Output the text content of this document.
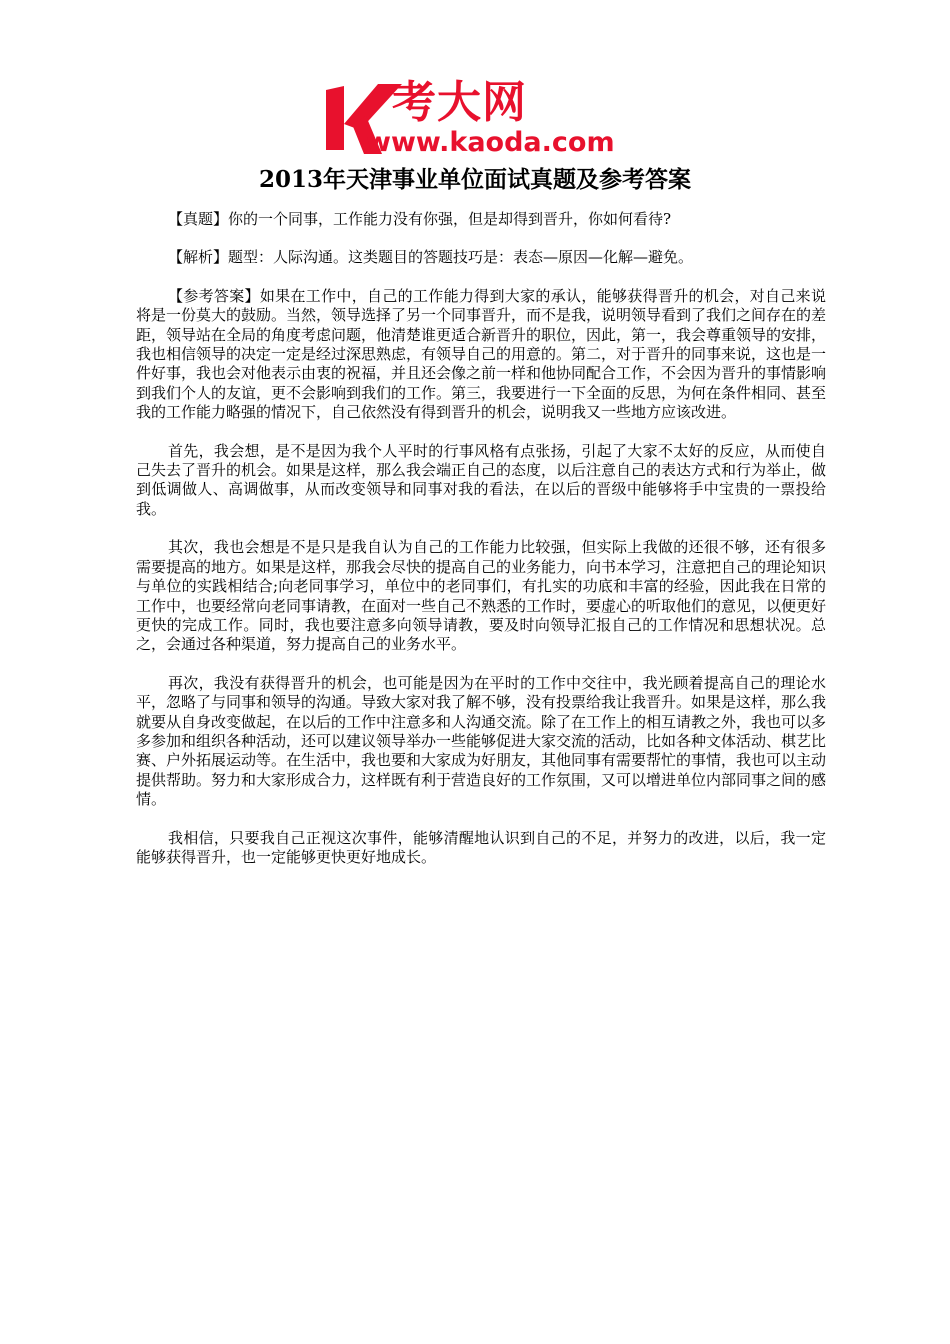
考大网
www.kaoda.com
2013年天津事业单位面试真题及参考答案

【真题】你的一个同事，工作能力没有你强，但是却得到晋升，你如何看待?

【解析】题型：人际沟通。这类题目的答题技巧是：表态—原因—化解—避免。

【参考答案】如果在工作中，自己的工作能力得到大家的承认，能够获得晋升的机会，对自己来说将是一份莫大的鼓励。当然，领导选择了另一个同事晋升，而不是我，说明领导看到了我们之间存在的差距，领导站在全局的角度考虑问题，他清楚谁更适合新晋升的职位，因此，第一，我会尊重领导的安排，我也相信领导的决定一定是经过深思熟虑，有领导自己的用意的。第二，对于晋升的同事来说，这也是一件好事，我也会对他表示由衷的祝福，并且还会像之前一样和他协同配合工作，不会因为晋升的事情影响到我们个人的友谊，更不会影响到我们的工作。第三，我要进行一下全面的反思，为何在条件相同、甚至我的工作能力略强的情况下，自己依然没有得到晋升的机会，说明我又一些地方应该改进。

首先，我会想，是不是因为我个人平时的行事风格有点张扬，引起了大家不太好的反应，从而使自己失去了晋升的机会。如果是这样，那么我会端正自己的态度，以后注意自己的表达方式和行为举止，做到低调做人、高调做事，从而改变领导和同事对我的看法，在以后的晋级中能够将手中宝贵的一票投给我。

其次，我也会想是不是只是我自认为自己的工作能力比较强，但实际上我做的还很不够，还有很多需要提高的地方。如果是这样，那我会尽快的提高自己的业务能力，向书本学习，注意把自己的理论知识与单位的实践相结合;向老同事学习，单位中的老同事们，有扎实的功底和丰富的经验，因此我在日常的工作中，也要经常向老同事请教，在面对一些自己不熟悉的工作时，要虚心的听取他们的意见，以便更好更快的完成工作。同时，我也要注意多向领导请教，要及时向领导汇报自己的工作情况和思想状况。总之，会通过各种渠道，努力提高自己的业务水平。

再次，我没有获得晋升的机会，也可能是因为在平时的工作中交往中，我光顾着提高自己的理论水平，忽略了与同事和领导的沟通。导致大家对我了解不够，没有投票给我让我晋升。如果是这样，那么我就要从自身改变做起，在以后的工作中注意多和人沟通交流。除了在工作上的相互请教之外，我也可以多多参加和组织各种活动，还可以建议领导举办一些能够促进大家交流的活动，比如各种文体活动、棋艺比赛、户外拓展运动等。在生活中，我也要和大家成为好朋友，其他同事有需要帮忙的事情，我也可以主动提供帮助。努力和大家形成合力，这样既有利于营造良好的工作氛围，又可以增进单位内部同事之间的感情。

我相信，只要我自己正视这次事件，能够清醒地认识到自己的不足，并努力的改进，以后，我一定能够获得晋升，也一定能够更快更好地成长。
